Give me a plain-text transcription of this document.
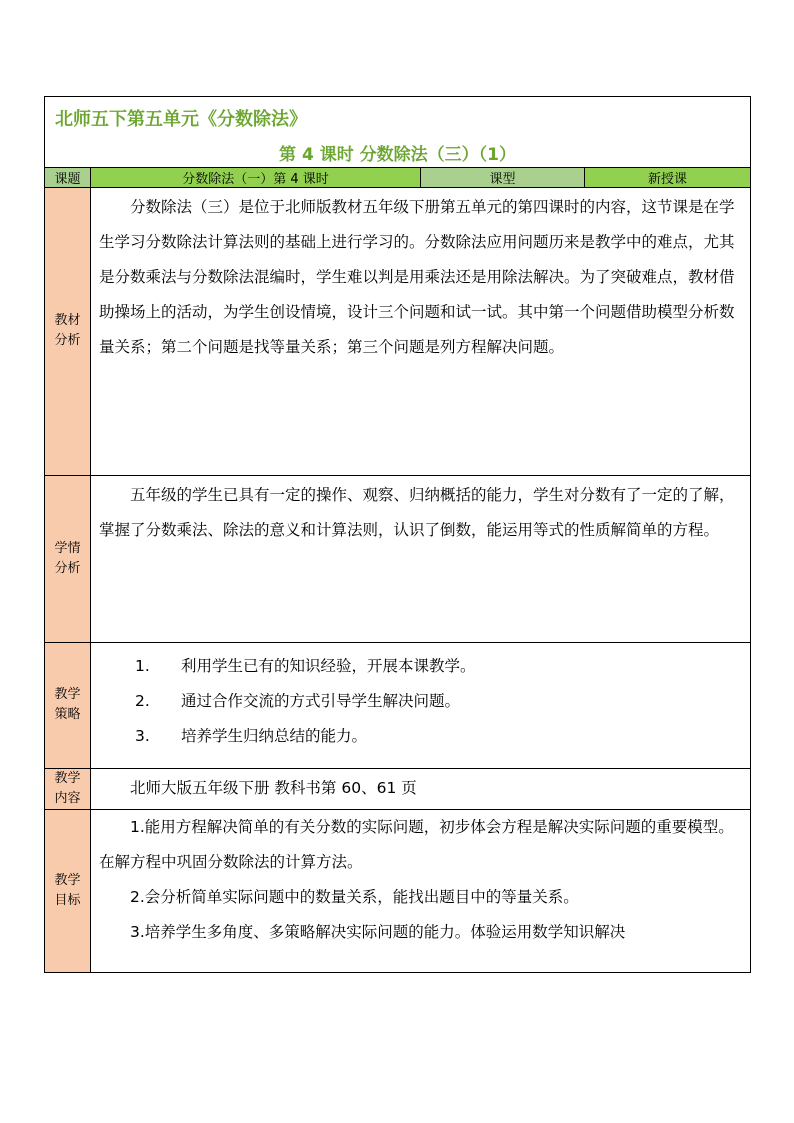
北师五下第五单元《分数除法》			
第 4 课时 分数除法（三）（1）			
课题	分数除法（一）第 4 课时	课型	新授课
教材
分析	分数除法（三）是位于北师版教材五年级下册第五单元的第四课时的内容，这节课是在学生学习分数除法计算法则的基础上进行学习的。分数除法应用问题历来是教学中的难点，尤其是分数乘法与分数除法混编时，学生难以判是用乘法还是用除法解决。为了突破难点，教材借助操场上的活动，为学生创设情境，设计三个问题和试一试。其中第一个问题借助模型分析数量关系；第二个问题是找等量关系；第三个问题是列方程解决问题。		
学情
分析	五年级的学生已具有一定的操作、观察、归纳概括的能力，学生对分数有了一定的了解，掌握了分数乘法、除法的意义和计算法则，认识了倒数，能运用等式的性质解简单的方程。		
教学
策略	1. 利用学生已有的知识经验，开展本课教学。
2. 通过合作交流的方式引导学生解决问题。
3. 培养学生归纳总结的能力。		

教学
内容	北师大版五年级下册 教科书第 60、61 页		
教学
目标	1.能用方程解决简单的有关分数的实际问题，初步体会方程是解决实际问题的重要模型。在解方程中巩固分数除法的计算方法。
2.会分析简单实际问题中的数量关系，能找出题目中的等量关系。
3.培养学生多角度、多策略解决实际问题的能力。体验运用数学知识解决		
